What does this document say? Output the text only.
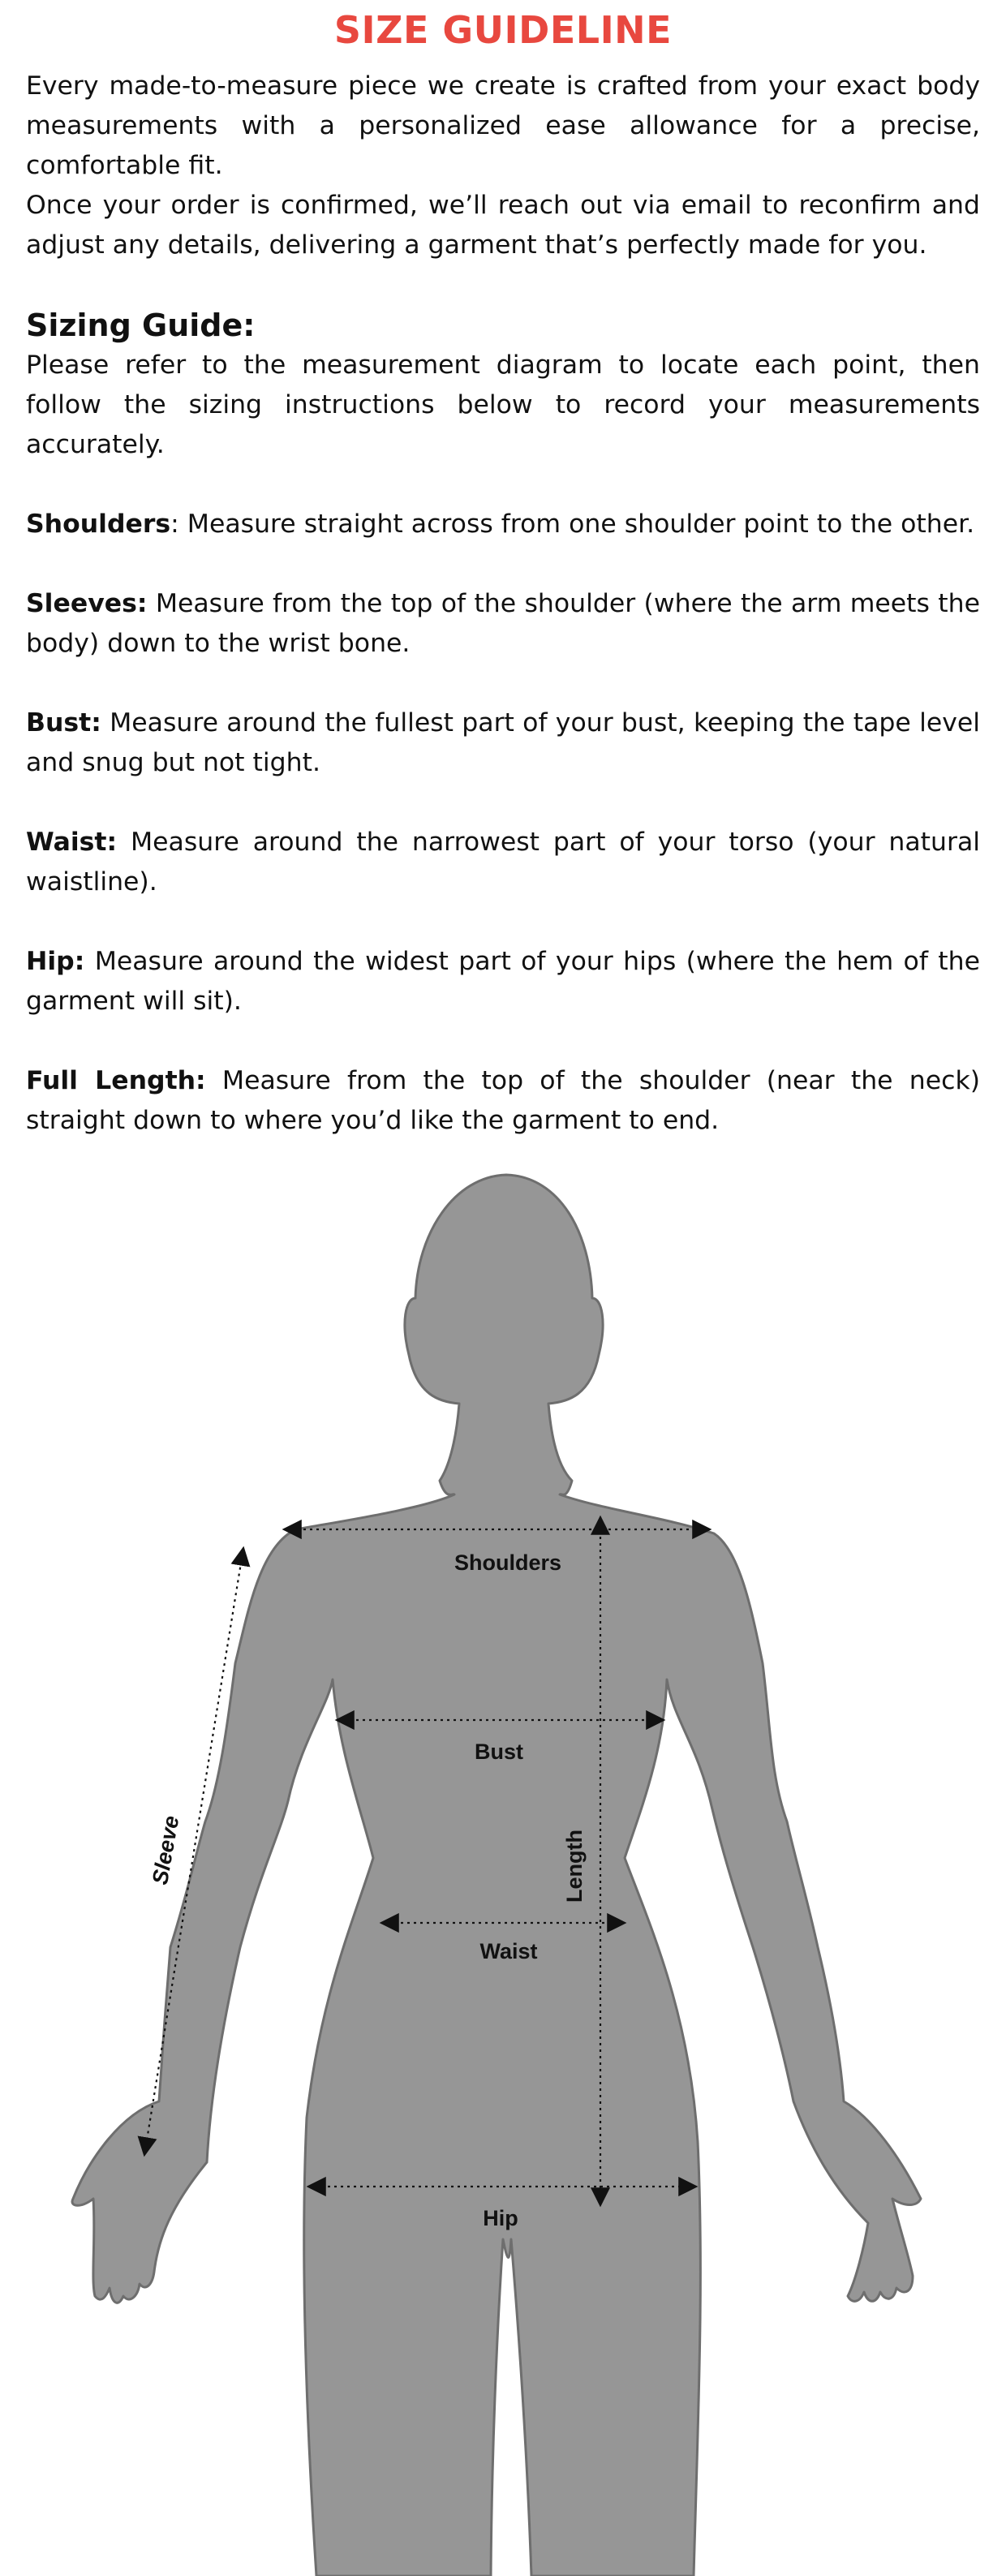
SIZE GUIDELINE

Every made-to-measure piece we create is crafted from your exact body measurements with a personalized ease allowance for a precise, comfortable fit.

Once your order is confirmed, we’ll reach out via email to reconfirm and adjust any details, delivering a garment that’s perfectly made for you.

Sizing Guide:

Please refer to the measurement diagram to locate each point, then follow the sizing instructions below to record your measurements accurately.

Shoulders: Measure straight across from one shoulder point to the other.

Sleeves: Measure from the top of the shoulder (where the arm meets the body) down to the wrist bone.

Bust: Measure around the fullest part of your bust, keeping the tape level and snug but not tight.

Waist: Measure around the narrowest part of your torso (your natural waistline).

Hip: Measure around the widest part of your hips (where the hem of the garment will sit).

Full Length: Measure from the top of the shoulder (near the neck) straight down to where you’d like the garment to end.

Shoulders
Bust
Waist
Hip
Length
Sleeve
